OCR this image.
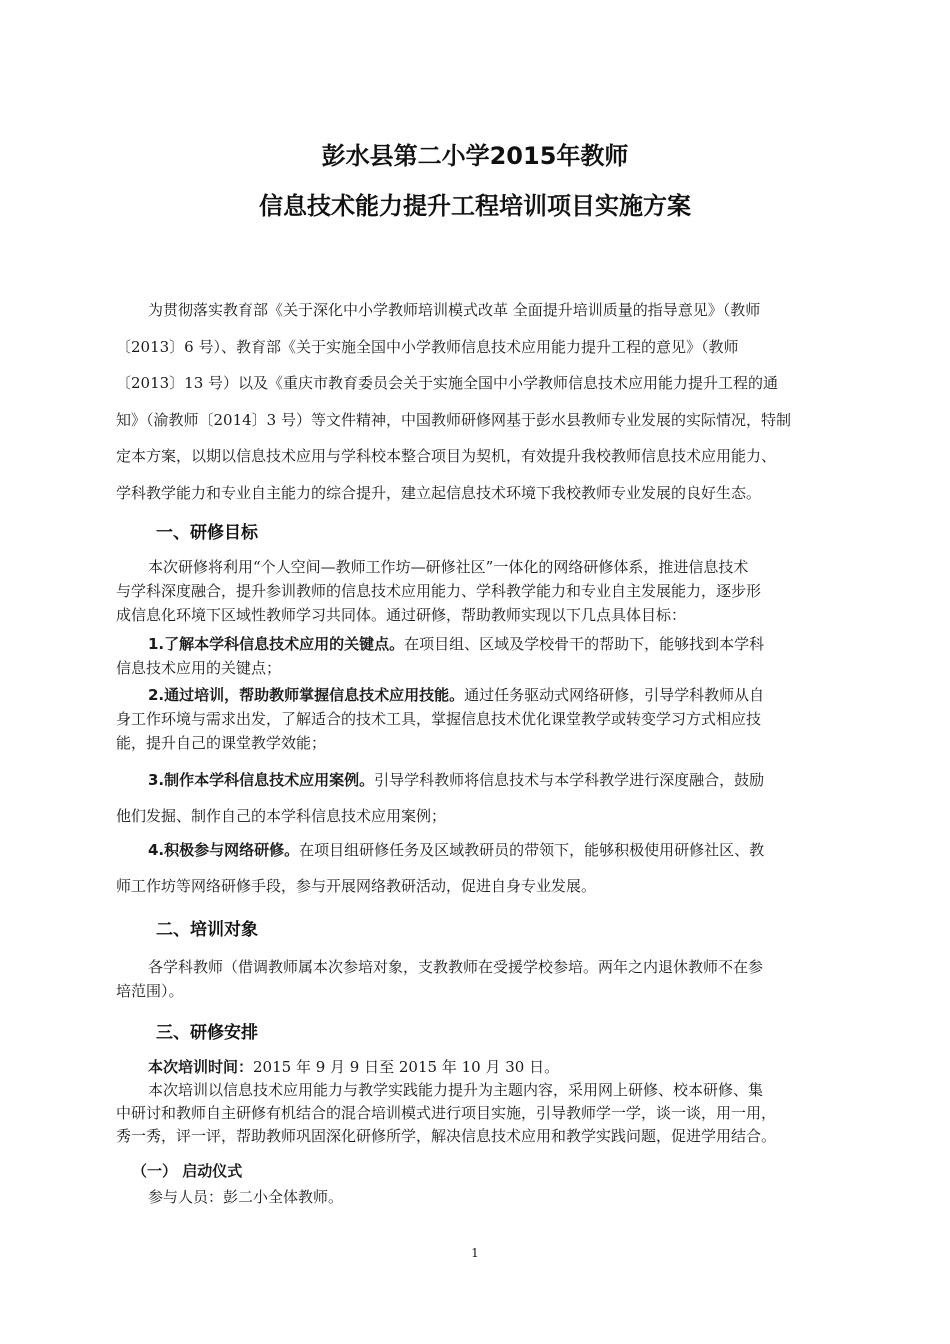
彭水县第二小学2015年教师
信息技术能力提升工程培训项目实施方案
为贯彻落实教育部《关于深化中小学教师培训模式改革 全面提升培训质量的指导意见》（教师
〔2013〕6 号）、教育部《关于实施全国中小学教师信息技术应用能力提升工程的意见》（教师
〔2013〕13 号）以及《重庆市教育委员会关于实施全国中小学教师信息技术应用能力提升工程的通
知》（渝教师〔2014〕3 号）等文件精神，中国教师研修网基于彭水县教师专业发展的实际情况，特制
定本方案，以期以信息技术应用与学科校本整合项目为契机，有效提升我校教师信息技术应用能力、
学科教学能力和专业自主能力的综合提升，建立起信息技术环境下我校教师专业发展的良好生态。
一、研修目标
本次研修将利用“个人空间—教师工作坊—研修社区”一体化的网络研修体系，推进信息技术
与学科深度融合，提升参训教师的信息技术应用能力、学科教学能力和专业自主发展能力，逐步形
成信息化环境下区域性教师学习共同体。通过研修，帮助教师实现以下几点具体目标：
1.了解本学科信息技术应用的关键点。在项目组、区域及学校骨干的帮助下，能够找到本学科
信息技术应用的关键点；
2.通过培训，帮助教师掌握信息技术应用技能。通过任务驱动式网络研修，引导学科教师从自
身工作环境与需求出发，了解适合的技术工具，掌握信息技术优化课堂教学或转变学习方式相应技
能，提升自己的课堂教学效能；
3.制作本学科信息技术应用案例。引导学科教师将信息技术与本学科教学进行深度融合，鼓励
他们发掘、制作自己的本学科信息技术应用案例；
4.积极参与网络研修。在项目组研修任务及区域教研员的带领下，能够积极使用研修社区、教
师工作坊等网络研修手段，参与开展网络教研活动，促进自身专业发展。
二、培训对象
各学科教师（借调教师属本次参培对象，支教教师在受援学校参培。两年之内退休教师不在参
培范围）。
三、研修安排
本次培训时间：2015 年 9 月 9 日至 2015 年 10 月 30 日。
本次培训以信息技术应用能力与教学实践能力提升为主题内容，采用网上研修、校本研修、集
中研讨和教师自主研修有机结合的混合培训模式进行项目实施，引导教师学一学，谈一谈，用一用，
秀一秀，评一评，帮助教师巩固深化研修所学，解决信息技术应用和教学实践问题，促进学用结合。
（一） 启动仪式
参与人员：彭二小全体教师。
1
